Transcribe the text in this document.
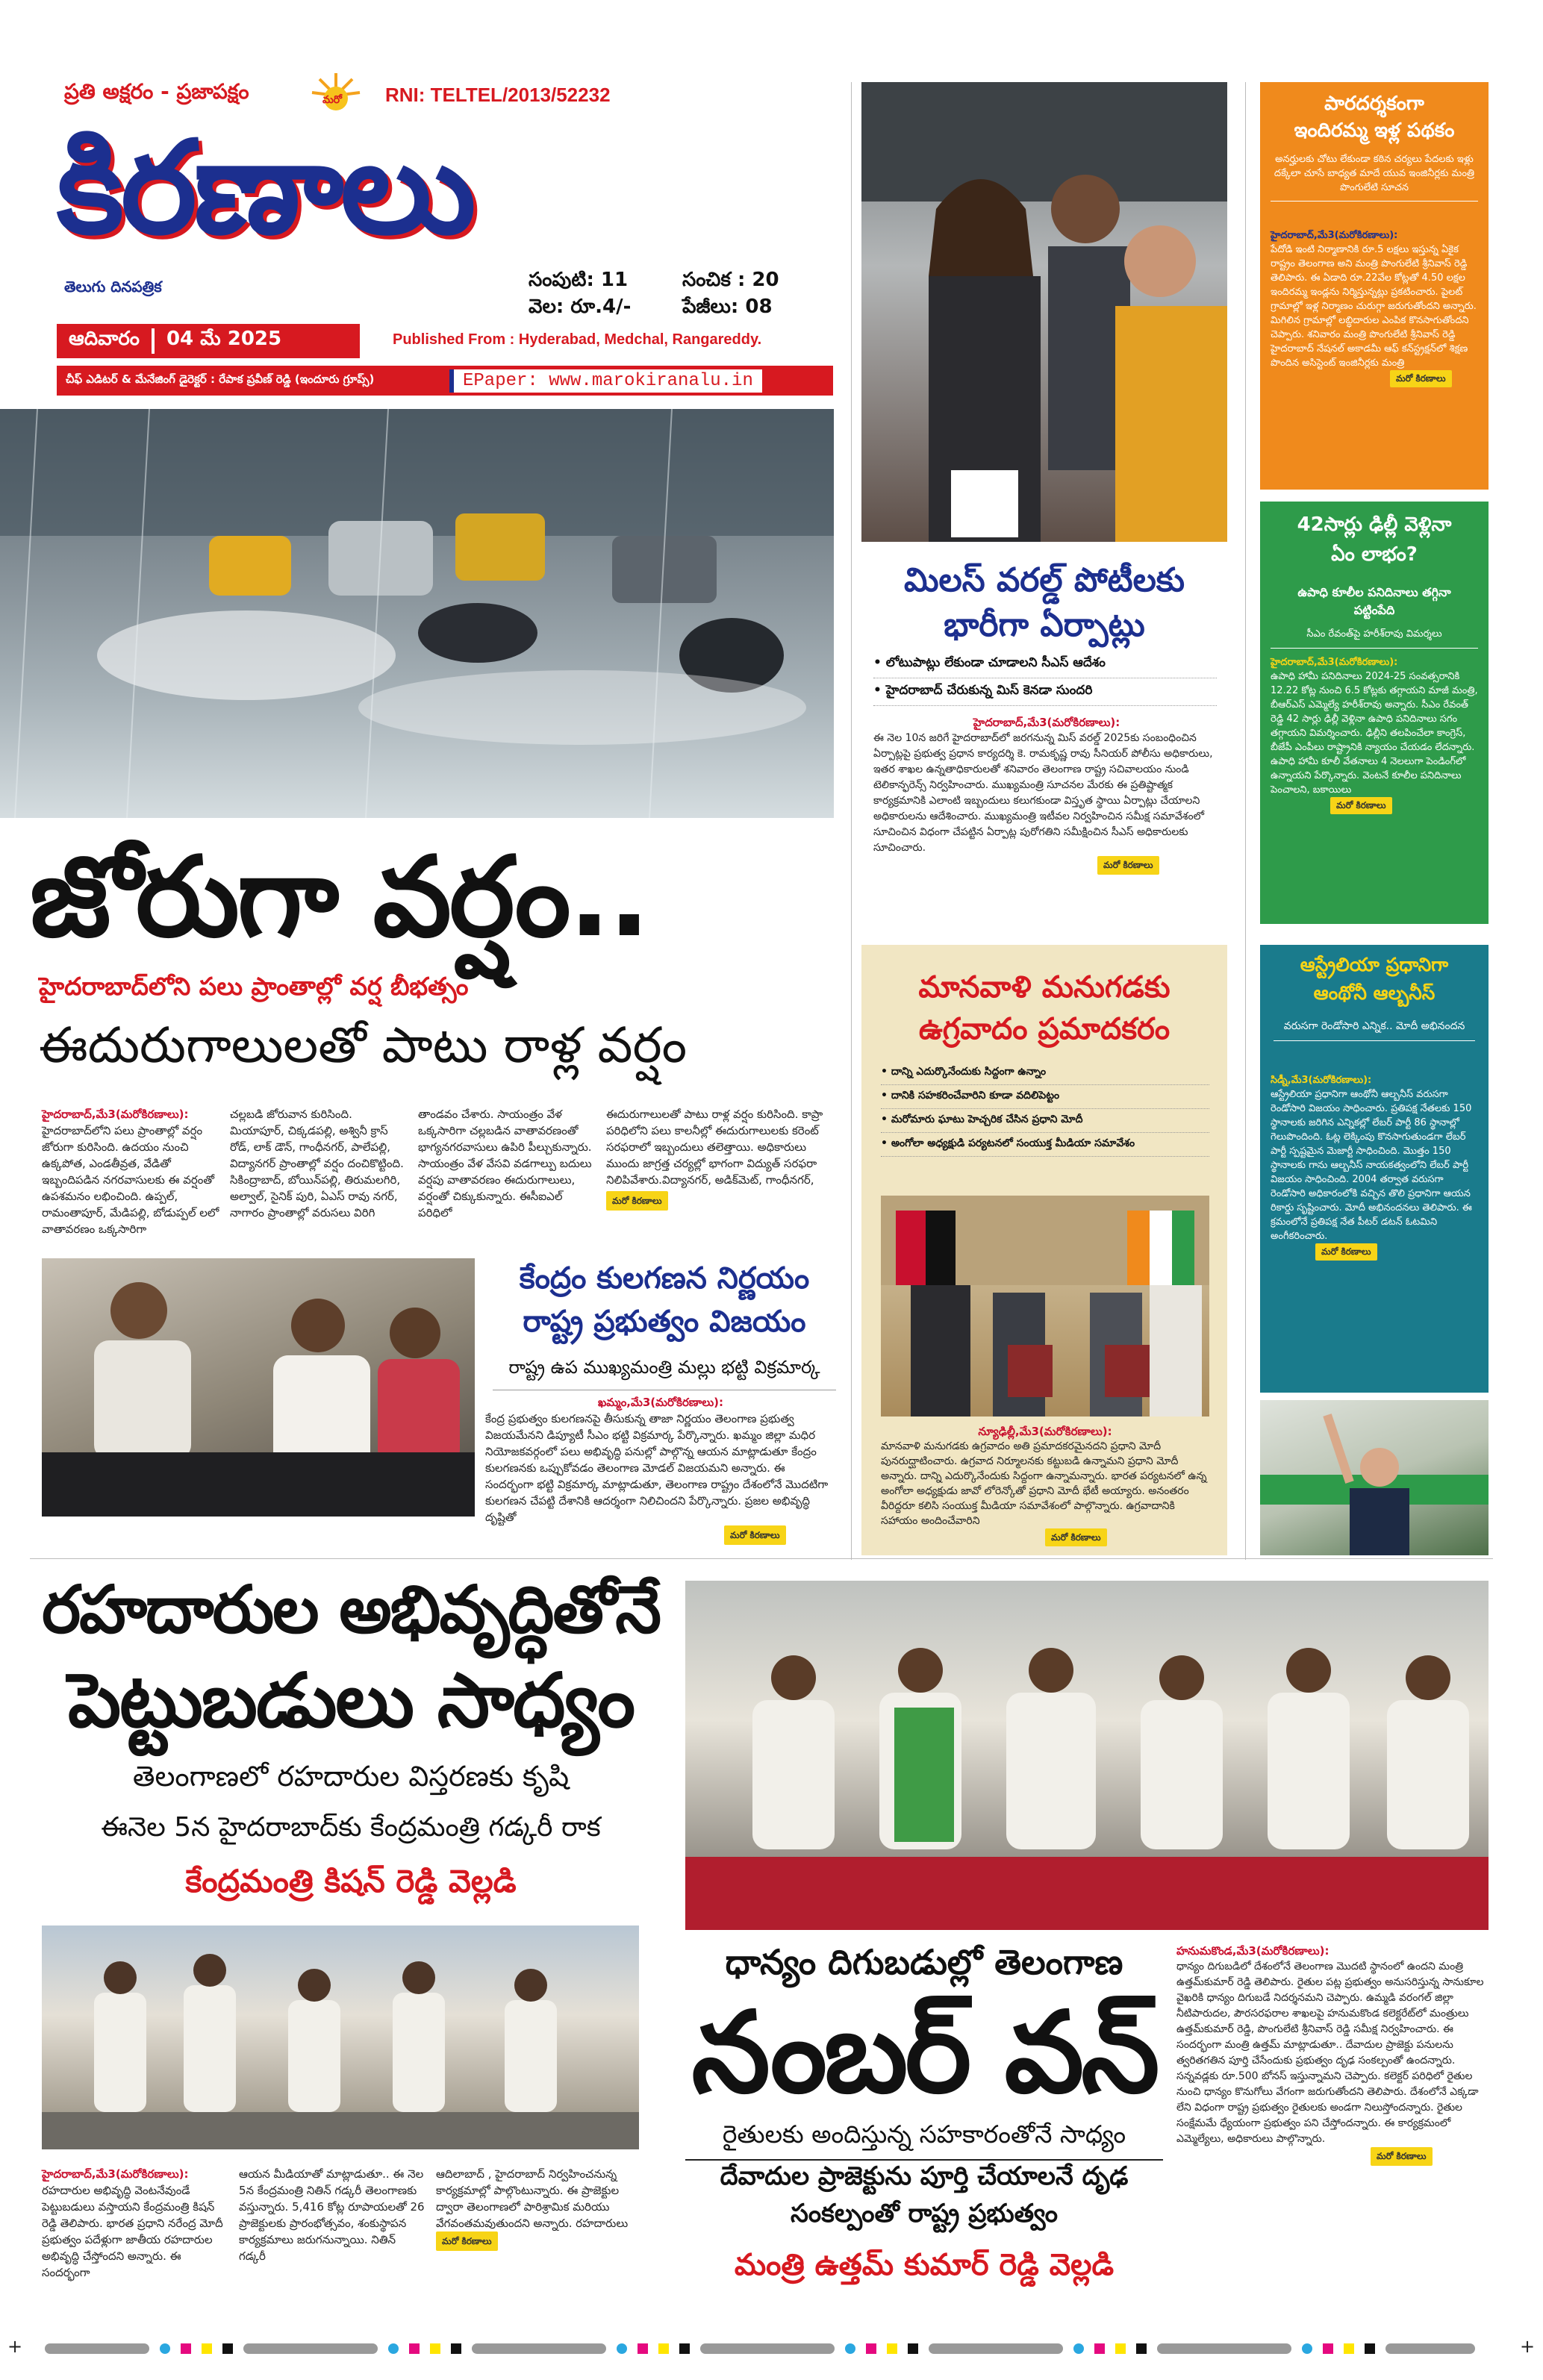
ప్రతి అక్షరం - ప్రజాపక్షం	మరో RNI: TELTEL/2013/52232
కిరణాలు
తెలుగు దినపత్రిక	సంపుటి: 11	సంచిక : 20
వెల: రూ.4/-	పేజీలు: 08
ఆదివారం	04 మే 2025	Published From : Hyderabad, Medchal, Rangareddy.
చీఫ్ ఎడిటర్ & మేనేజింగ్ డైరెక్టర్ : రేపాక ప్రవీణ్ రెడ్డి (ఇందూరు గ్రూప్స్)	EPaper: www.marokiranalu.in
జోరుగా వర్షం..
హైదరాబాద్‌లోని పలు ప్రాంతాల్లో వర్ష బీభత్సం
ఈదురుగాలులతో పాటు రాళ్ల వర్షం
హైదరాబాద్,మే3(మరోకిరణాలు):
హైదరాబాద్‌లోని పలు ప్రాంతాల్లో వర్షం జోరుగా కురిసింది. ఉదయం నుంచి ఉక్కపోత, ఎండతీవ్రత, వేడితో ఇబ్బందిపడిన నగరవాసులకు ఈ వర్షంతో ఉపశమనం లభించింది. ఉప్పల్, రామంతాపూర్, మేడిపల్లి, బోడుప్పల్ లలో వాతావరణం ఒక్కసారిగా
చల్లబడి జోరువాన కురిసింది. మియాపూర్, చిక్కడపల్లి, అశ్వినీ క్రాస్ రోడ్, లాక్ డౌన్, గాంధీనగర్, పాలేపల్లి, విద్యానగర్ ప్రాంతాల్లో వర్షం దంచికొట్టింది. సికింద్రాబాద్, బోయిన్‌పల్లి, తిరుమలగిరి, అల్వాల్, సైనిక్ పురి, ఏఎస్ రావు నగర్, నాగారం ప్రాంతాల్లో వరుసలు విరిగి
తాండవం చేశారు. సాయంత్రం వేళ ఒక్కసారిగా చల్లబడిన వాతావరణంతో భాగ్యనగరవాసులు ఉపిరి పీల్చుకున్నారు. సాయంత్రం వేళ వేసవి వడగాల్పు బదులు వర్షపు వాతావరణం ఈదురుగాలులు, వర్షంతో చిక్కుకున్నారు. ఈసీఐఎల్ పరిధిలో
ఈదురుగాలులతో పాటు రాళ్ల వర్షం కురిసింది. కాప్రా పరిధిలోని పలు కాలనీల్లో ఈదురుగాలులకు కరెంట్ సరఫరాలో ఇబ్బందులు తలెత్తాయి. అధికారులు ముందు జాగ్రత్త చర్యల్లో భాగంగా విద్యుత్ సరఫరా నిలిపివేశారు.విద్యానగర్, అడిక్‌మెట్, గాంధీనగర్,
మరో కిరణాలు
కేంద్రం కులగణన నిర్ణయం
రాష్ట్ర ప్రభుత్వం విజయం
రాష్ట్ర ఉప ముఖ్యమంత్రి మల్లు భట్టి విక్రమార్క
ఖమ్మం,మే3(మరోకిరణాలు):
కేంద్ర ప్రభుత్వం కులగణనపై తీసుకున్న తాజా నిర్ణయం తెలంగాణ ప్రభుత్వ విజయమేనని డిప్యూటీ సీఎం భట్టి విక్రమార్క పేర్కొన్నారు. ఖమ్మం జిల్లా మధిర నియోజకవర్గంలో పలు అభివృద్ధి పనుల్లో పాల్గొన్న ఆయన మాట్లాడుతూ కేంద్రం కులగణనకు ఒప్పుకోవడం తెలంగాణ మోడల్ విజయమని అన్నారు. ఈ సందర్భంగా భట్టి విక్రమార్క మాట్లాడుతూ, తెలంగాణ రాష్ట్రం దేశంలోనే మొదటిగా కులగణన చేపట్టి దేశానికి ఆదర్శంగా నిలిచిందని పేర్కొన్నారు. ప్రజల అభివృద్ధి దృష్టితో
మరో కిరణాలు
రహదారుల అభివృద్ధితోనే
పెట్టుబడులు సాధ్యం
తెలంగాణలో రహదారుల విస్తరణకు కృషి
ఈనెల 5న హైదరాబాద్‌కు కేంద్రమంత్రి గడ్కరీ రాక
కేంద్రమంత్రి కిషన్ రెడ్డి వెల్లడి
హైదరాబాద్,మే3(మరోకిరణాలు):
రహదారుల అభివృద్ధి వెంటనేవుండే పెట్టుబడులు వస్తాయని కేంద్రమంత్రి కిషన్ రెడ్డి తెలిపారు. భారత ప్రధాని నరేంద్ర మోదీ ప్రభుత్వం పదేళ్లుగా జాతీయ రహదారుల అభివృద్ధి చేస్తోందని అన్నారు. ఈ సందర్భంగా
ఆయన మీడియాతో మాట్లాడుతూ.. ఈ నెల 5న కేంద్రమంత్రి నితిన్ గడ్కరీ తెలంగాణకు వస్తున్నారు. 5,416 కోట్ల రూపాయలతో 26 ప్రాజెక్టులకు ప్రారంభోత్సవం, శంకుస్థాపన కార్యక్రమాలు జరుగనున్నాయి. నితిన్ గడ్కరీ
ఆదిలాబాద్ , హైదరాబాద్ నిర్వహించనున్న కార్యక్రమాల్లో పాల్గొంటున్నారు. ఈ ప్రాజెక్టుల ద్వారా తెలంగాణలో పారిశ్రామిక మరియు వేగవంతమవుతుందని అన్నారు. రహదారులు
మరో కిరణాలు
మిలస్ వరల్డ్ పోటీలకు
భారీగా ఏర్పాట్లు
• లోటుపాట్లు లేకుండా చూడాలని సీఎస్ ఆదేశం
• హైదరాబాద్ చేరుకున్న మిస్ కెనడా సుందరి
హైదరాబాద్,మే3(మరోకిరణాలు):
ఈ నెల 10న జరిగే హైదరాబాద్‌లో జరగనున్న మిస్ వరల్డ్ 2025కు సంబంధించిన ఏర్పాట్లపై ప్రభుత్వ ప్రధాన కార్యదర్శి కె. రామకృష్ణ రావు సీనియర్ పోలీసు అధికారులు, ఇతర శాఖల ఉన్నతాధికారులతో శనివారం తెలంగాణ రాష్ట్ర సచివాలయం నుండి టెలికాన్ఫరెన్స్ నిర్వహించారు. ముఖ్యమంత్రి సూచనల మేరకు ఈ ప్రతిష్టాత్మక కార్యక్రమానికి ఎలాంటి ఇబ్బందులు కలుగకుండా విస్తృత స్థాయి ఏర్పాట్లు చేయాలని అధికారులను ఆదేశించారు. ముఖ్యమంత్రి ఇటీవల నిర్వహించిన సమీక్ష సమావేశంలో సూచించిన విధంగా చేపట్టిన ఏర్పాట్ల పురోగతిని సమీక్షించిన సీఎస్ అధికారులకు సూచించారు.
మరో కిరణాలు
మానవాళి మనుగడకు
ఉగ్రవాదం ప్రమాదకరం
• దాన్ని ఎదుర్కొనేందుకు సిద్దంగా ఉన్నాం
• దానికి సహకరించేవారిని కూడా వదిలిపెట్టం
• మరోమారు ఘాటు హెచ్చరిక చేసిన ప్రధాని మోదీ
• అంగోలా అధ్యక్షుడి పర్యటనలో సంయుక్త మీడియా సమావేశం
న్యూఢిల్లీ,మే3(మరోకిరణాలు):
మానవాళి మనుగడకు ఉగ్రవాదం అతి ప్రమాదకరమైనదని ప్రధాని మోదీ పునరుద్ఘాటించారు. ఉగ్రవాద నిర్మూలనకు కట్టుబడి ఉన్నామని ప్రధాని మోదీ అన్నారు. దాన్ని ఎదుర్కొనేందుకు సిద్దంగా ఉన్నామన్నారు. భారత పర్యటనలో ఉన్న అంగోలా అధ్యక్షుడు జావో లోరెన్కోతో ప్రధాని మోదీ భేటీ అయ్యారు. అనంతరం వీరిద్దరూ కలిసి సంయుక్త మీడియా సమావేశంలో పాల్గొన్నారు. ఉగ్రవాదానికి సహాయం అందించేవారిని
మరో కిరణాలు
పారదర్శకంగా
ఇందిరమ్మ ఇళ్ల పథకం
అనర్హులకు చోటు లేకుండా కఠిన చర్యలు పేదలకు ఇళ్లు దక్కేలా చూసే బాధ్యత మాదే యువ ఇంజినీర్లకు మంత్రి పొంగులేటి సూచన
హైదరాబాద్,మే3(మరోకిరణాలు):
పేదోడి ఇంటి నిర్మాణానికి రూ.5 లక్షలు ఇస్తున్న ఏకైక రాష్ట్రం తెలంగాణ అని మంత్రి పొంగులేటి శ్రీనివాస్ రెడ్డి తెలిపారు. ఈ ఏడాది రూ.22వేల కోట్లతో 4.50 లక్షల ఇందిరమ్మ ఇండ్లను నిర్మిస్తున్నట్లు ప్రకటించారు. పైలట్ గ్రామాల్లో ఇళ్ల నిర్మాణం చురుగ్గా జరుగుతోందని అన్నారు. మిగిలిన గ్రామాల్లో లబ్ధిదారుల ఎంపిక కొనసాగుతోందని చెప్పారు. శనివారం మంత్రి పొంగులేటి శ్రీనివాస్ రెడ్డి హైదరాబాద్ నేషనల్ అకాడమీ ఆఫ్ కన్‌స్ట్రక్షన్‌లో శిక్షణ పొందిన అసిస్టెంట్ ఇంజినీర్లకు మంత్రి
మరో కిరణాలు
42సార్లు ఢిల్లీ వెళ్లినా
ఏం లాభం?
ఉపాధి కూలీల పనిదినాలు తగ్గినా పట్టింపేది
సీఎం రేవంత్‌పై హరీశ్‌రావు విమర్శలు
హైదరాబాద్,మే3(మరోకిరణాలు):
ఉపాధి హామీ పనిదినాలు 2024-25 సంవత్సరానికి 12.22 కోట్ల నుంచి 6.5 కోట్లకు తగ్గాయని మాజీ మంత్రి, బీఆర్‌ఎస్ ఎమ్మెల్యే హరీశ్‌రావు అన్నారు. సీఎం రేవంత్ రెడ్డి 42 సార్లు ఢిల్లీ వెళ్లినా ఉపాధి పనిదినాలు సగం తగ్గాయని విమర్శించారు. ఢిల్లీని తలపించేలా కాంగ్రెస్, బీజేపీ ఎంపీలు రాష్ట్రానికి న్యాయం చేయడం లేదన్నారు. ఉపాధి హామీ కూలీ వేతనాలు 4 నెలలుగా పెండింగ్‌లో ఉన్నాయని పేర్కొన్నారు. వెంటనే కూలీల పనిదినాలు పెంచాలని, బకాయిలు
మరో కిరణాలు
ఆస్ట్రేలియా ప్రధానిగా
ఆంథోనీ ఆల్బనీస్
వరుసగా రెండోసారి ఎన్నిక.. మోదీ అభినందన
సిడ్నీ,మే3(మరోకిరణాలు):
ఆస్ట్రేలియా ప్రధానిగా ఆంథోనీ ఆల్బనీస్ వరుసగా రెండోసారి విజయం సాధించారు. ప్రతిపక్ష నేతలకు 150 స్థానాలకు జరిగిన ఎన్నికల్లో లేబర్ పార్టీ 86 స్థానాల్లో గెలుపొందింది. ఓట్ల లెక్కింపు కొనసాగుతుండగా లేబర్ పార్టీ స్పష్టమైన మెజార్టీ సాధించింది. మొత్తం 150 స్థానాలకు గాను ఆల్బనీస్ నాయకత్వంలోని లేబర్ పార్టీ విజయం సాధించింది. 2004 తర్వాత వరుసగా రెండోసారి అధికారంలోకి వచ్చిన తొలి ప్రధానిగా ఆయన రికార్డు సృష్టించారు. మోదీ అభినందనలు తెలిపారు. ఈ క్రమంలోనే ప్రతిపక్ష నేత పీటర్ డటన్ ఓటమిని అంగీకరించారు.
మరో కిరణాలు
ధాన్యం దిగుబడుల్లో తెలంగాణ
నంబర్ వన్
రైతులకు అందిస్తున్న సహకారంతోనే సాధ్యం
దేవాదుల ప్రాజెక్టును పూర్తి చేయాలనే దృఢ
సంకల్పంతో రాష్ట్ర ప్రభుత్వం
మంత్రి ఉత్తమ్ కుమార్ రెడ్డి వెల్లడి
హనుమకొండ,మే3(మరోకిరణాలు):
ధాన్యం దిగుబడిలో దేశంలోనే తెలంగాణ మొదటి స్థానంలో ఉందని మంత్రి ఉత్తమ్‌కుమార్ రెడ్డి తెలిపారు. రైతుల పట్ల ప్రభుత్వం అనుసరిస్తున్న సానుకూల వైఖరికి ధాన్యం దిగుబడే నిదర్శనమని చెప్పారు. ఉమ్మడి వరంగల్ జిల్లా నీటిపారుదల, పౌరసరఫరాల శాఖలపై హనుమకొండ కలెక్టరేట్‌లో మంత్రులు ఉత్తమ్‌కుమార్ రెడ్డి, పొంగులేటి శ్రీనివాస్ రెడ్డి సమీక్ష నిర్వహించారు. ఈ సందర్భంగా మంత్రి ఉత్తమ్ మాట్లాడుతూ.. దేవాదుల ప్రాజెక్టు పనులను త్వరితగతిన పూర్తి చేసేందుకు ప్రభుత్వం దృఢ సంకల్పంతో ఉందన్నారు. సన్నవడ్లకు రూ.500 బోనస్ ఇస్తున్నామని చెప్పారు. కలెక్టర్ పరిధిలో రైతుల నుంచి ధాన్యం కొనుగోలు వేగంగా జరుగుతోందని తెలిపారు. దేశంలోనే ఎక్కడా లేని విధంగా రాష్ట్ర ప్రభుత్వం రైతులకు అండగా నిలుస్తోందన్నారు. రైతుల సంక్షేమమే ధ్యేయంగా ప్రభుత్వం పని చేస్తోందన్నారు. ఈ కార్యక్రమంలో ఎమ్మెల్యేలు, అధికారులు పాల్గొన్నారు.
మరో కిరణాలు
+	+
